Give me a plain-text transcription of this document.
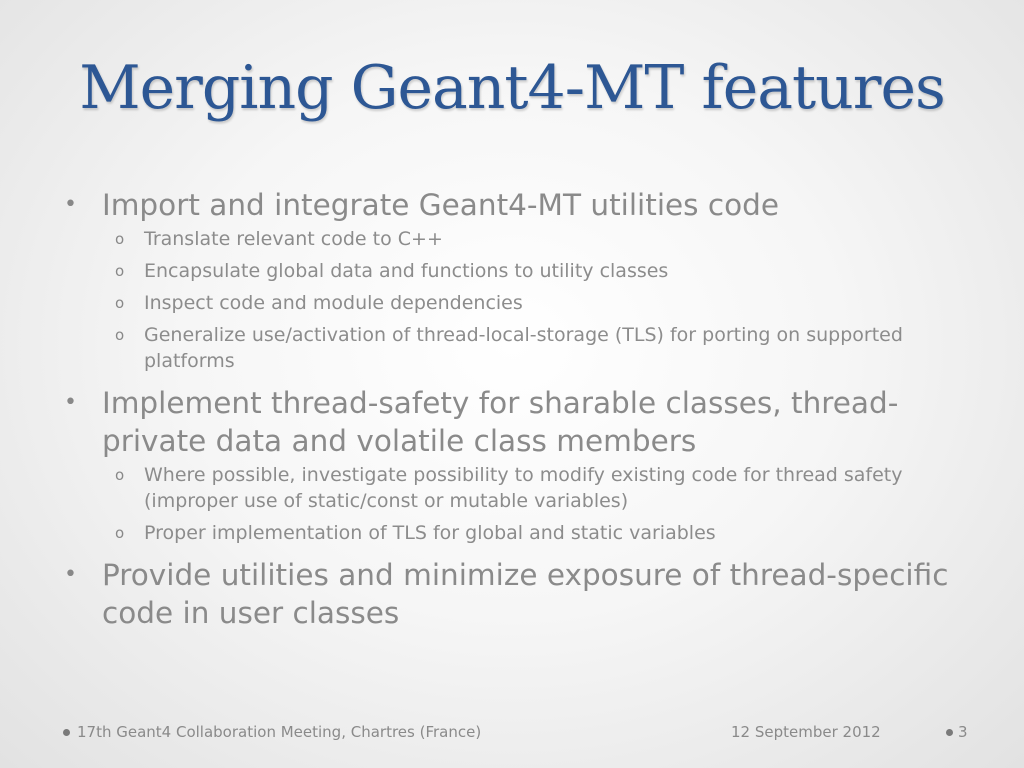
Merging Geant4-MT features
• Import and integrate Geant4-MT utilities code
o Translate relevant code to C++
o Encapsulate global data and functions to utility classes
o Inspect code and module dependencies
o Generalize use/activation of thread-local-storage (TLS) for porting on supported platforms
• Implement thread-safety for sharable classes, thread-private data and volatile class members
o Where possible, investigate possibility to modify existing code for thread safety (improper use of static/const or mutable variables)
o Proper implementation of TLS for global and static variables
• Provide utilities and minimize exposure of thread-specific code in user classes
17th Geant4 Collaboration Meeting, Chartres (France)	12 September 2012	3
